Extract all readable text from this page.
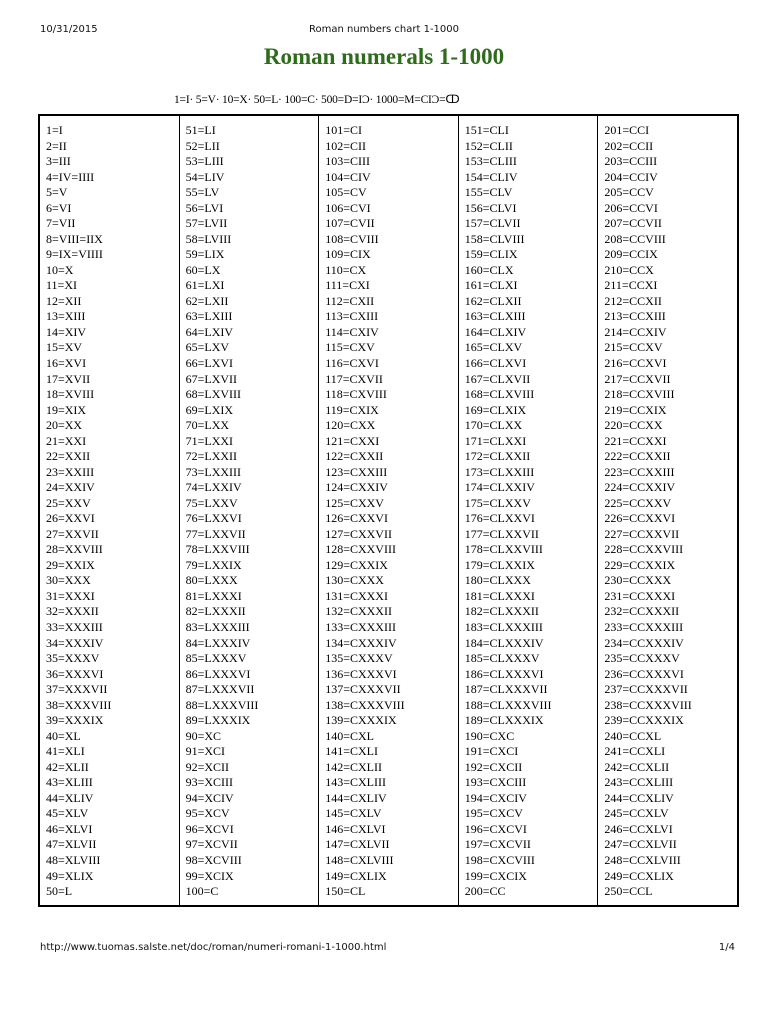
10/31/2015	Roman numbers chart 1-1000
Roman numerals 1-1000
1=I· 5=V· 10=X· 50=L· 100=C· 500=D=IƆ· 1000=M=CIƆ=ↀ
1=I
2=II
3=III
4=IV=IIII
5=V
6=VI
7=VII
8=VIII=IIX
9=IX=VIIII
10=X
11=XI
12=XII
13=XIII
14=XIV
15=XV
16=XVI
17=XVII
18=XVIII
19=XIX
20=XX
21=XXI
22=XXII
23=XXIII
24=XXIV
25=XXV
26=XXVI
27=XXVII
28=XXVIII
29=XXIX
30=XXX
31=XXXI
32=XXXII
33=XXXIII
34=XXXIV
35=XXXV
36=XXXVI
37=XXXVII
38=XXXVIII
39=XXXIX
40=XL
41=XLI
42=XLII
43=XLIII
44=XLIV
45=XLV
46=XLVI
47=XLVII
48=XLVIII
49=XLIX
50=L
51=LI
52=LII
53=LIII
54=LIV
55=LV
56=LVI
57=LVII
58=LVIII
59=LIX
60=LX
61=LXI
62=LXII
63=LXIII
64=LXIV
65=LXV
66=LXVI
67=LXVII
68=LXVIII
69=LXIX
70=LXX
71=LXXI
72=LXXII
73=LXXIII
74=LXXIV
75=LXXV
76=LXXVI
77=LXXVII
78=LXXVIII
79=LXXIX
80=LXXX
81=LXXXI
82=LXXXII
83=LXXXIII
84=LXXXIV
85=LXXXV
86=LXXXVI
87=LXXXVII
88=LXXXVIII
89=LXXXIX
90=XC
91=XCI
92=XCII
93=XCIII
94=XCIV
95=XCV
96=XCVI
97=XCVII
98=XCVIII
99=XCIX
100=C
101=CI
102=CII
103=CIII
104=CIV
105=CV
106=CVI
107=CVII
108=CVIII
109=CIX
110=CX
111=CXI
112=CXII
113=CXIII
114=CXIV
115=CXV
116=CXVI
117=CXVII
118=CXVIII
119=CXIX
120=CXX
121=CXXI
122=CXXII
123=CXXIII
124=CXXIV
125=CXXV
126=CXXVI
127=CXXVII
128=CXXVIII
129=CXXIX
130=CXXX
131=CXXXI
132=CXXXII
133=CXXXIII
134=CXXXIV
135=CXXXV
136=CXXXVI
137=CXXXVII
138=CXXXVIII
139=CXXXIX
140=CXL
141=CXLI
142=CXLII
143=CXLIII
144=CXLIV
145=CXLV
146=CXLVI
147=CXLVII
148=CXLVIII
149=CXLIX
150=CL
151=CLI
152=CLII
153=CLIII
154=CLIV
155=CLV
156=CLVI
157=CLVII
158=CLVIII
159=CLIX
160=CLX
161=CLXI
162=CLXII
163=CLXIII
164=CLXIV
165=CLXV
166=CLXVI
167=CLXVII
168=CLXVIII
169=CLXIX
170=CLXX
171=CLXXI
172=CLXXII
173=CLXXIII
174=CLXXIV
175=CLXXV
176=CLXXVI
177=CLXXVII
178=CLXXVIII
179=CLXXIX
180=CLXXX
181=CLXXXI
182=CLXXXII
183=CLXXXIII
184=CLXXXIV
185=CLXXXV
186=CLXXXVI
187=CLXXXVII
188=CLXXXVIII
189=CLXXXIX
190=CXC
191=CXCI
192=CXCII
193=CXCIII
194=CXCIV
195=CXCV
196=CXCVI
197=CXCVII
198=CXCVIII
199=CXCIX
200=CC
201=CCI
202=CCII
203=CCIII
204=CCIV
205=CCV
206=CCVI
207=CCVII
208=CCVIII
209=CCIX
210=CCX
211=CCXI
212=CCXII
213=CCXIII
214=CCXIV
215=CCXV
216=CCXVI
217=CCXVII
218=CCXVIII
219=CCXIX
220=CCXX
221=CCXXI
222=CCXXII
223=CCXXIII
224=CCXXIV
225=CCXXV
226=CCXXVI
227=CCXXVII
228=CCXXVIII
229=CCXXIX
230=CCXXX
231=CCXXXI
232=CCXXXII
233=CCXXXIII
234=CCXXXIV
235=CCXXXV
236=CCXXXVI
237=CCXXXVII
238=CCXXXVIII
239=CCXXXIX
240=CCXL
241=CCXLI
242=CCXLII
243=CCXLIII
244=CCXLIV
245=CCXLV
246=CCXLVI
247=CCXLVII
248=CCXLVIII
249=CCXLIX
250=CCL
http://www.tuomas.salste.net/doc/roman/numeri-romani-1-1000.html	1/4
